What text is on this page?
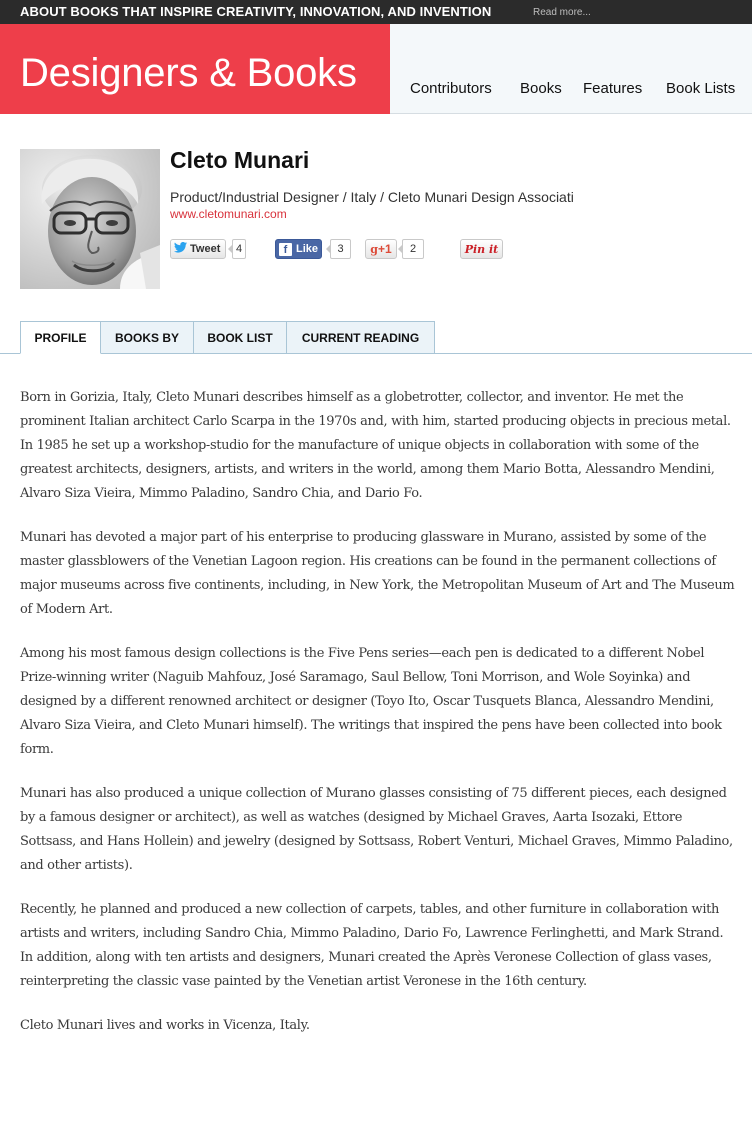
ABOUT BOOKS THAT INSPIRE CREATIVITY, INNOVATION, AND INVENTION	Read more...
Designers & Books	Contributors Books Features Book Lists
Cleto Munari
Product/Industrial Designer / Italy / Cleto Munari Design Associati
www.cletomunari.com
Tweet	4	f Like	3	g +1	2	Pin it
PROFILE	BOOKS BY	BOOK LIST	CURRENT READING

Born in Gorizia, Italy, Cleto Munari describes himself as a globetrotter, collector, and inventor. He met the prominent Italian architect Carlo Scarpa in the 1970s and, with him, started producing objects in precious metal.
In 1985 he set up a workshop-studio for the manufacture of unique objects in collaboration with some of the greatest architects, designers, artists, and writers in the world, among them Mario Botta, Alessandro Mendini, Alvaro Siza Vieira, Mimmo Paladino, Sandro Chia, and Dario Fo.

Munari has devoted a major part of his enterprise to producing glassware in Murano, assisted by some of the master glassblowers of the Venetian Lagoon region. His creations can be found in the permanent collections of major museums across five continents, including, in New York, the Metropolitan Museum of Art and The Museum of Modern Art.

Among his most famous design collections is the Five Pens series—each pen is dedicated to a different Nobel Prize-winning writer (Naguib Mahfouz, José Saramago, Saul Bellow, Toni Morrison, and Wole Soyinka) and designed by a different renowned architect or designer (Toyo Ito, Oscar Tusquets Blanca, Alessandro Mendini, Alvaro Siza Vieira, and Cleto Munari himself). The writings that inspired the pens have been collected into book form.

Munari has also produced a unique collection of Murano glasses consisting of 75 different pieces, each designed by a famous designer or architect), as well as watches (designed by Michael Graves, Aarta Isozaki, Ettore Sottsass, and Hans Hollein) and jewelry (designed by Sottsass, Robert Venturi, Michael Graves, Mimmo Paladino, and other artists).

Recently, he planned and produced a new collection of carpets, tables, and other furniture in collaboration with artists and writers, including Sandro Chia, Mimmo Paladino, Dario Fo, Lawrence Ferlinghetti, and Mark Strand. In addition, along with ten artists and designers, Munari created the Après Veronese Collection of glass vases, reinterpreting the classic vase painted by the Venetian artist Veronese in the 16th century.

Cleto Munari lives and works in Vicenza, Italy.
